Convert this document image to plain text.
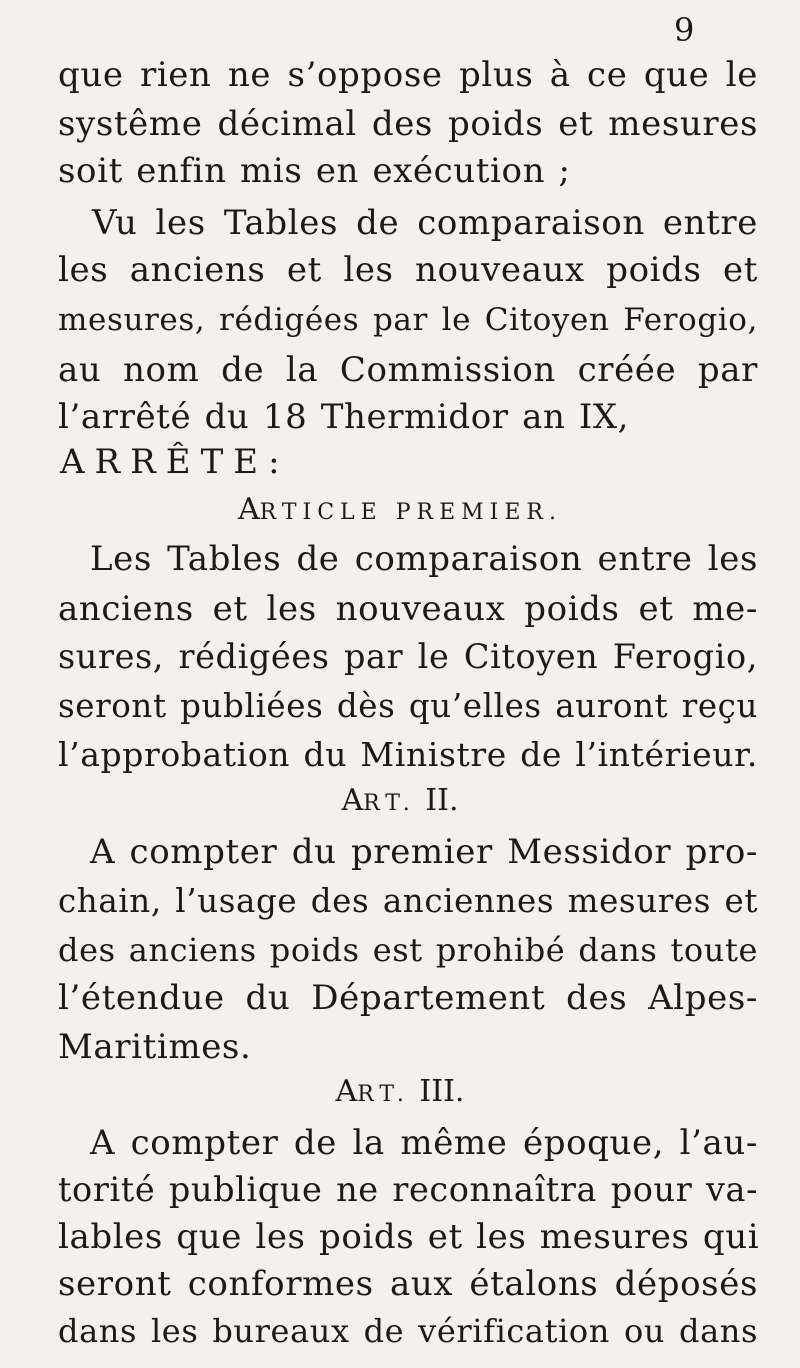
9
que rien ne s’oppose plus à ce que le
systême décimal des poids et mesures
soit enfin mis en exécution ;
Vu les Tables de comparaison entre
les anciens et les nouveaux poids et
mesures, rédigées par le Citoyen Ferogio,
au nom de la Commission créée par
l’arrêté du 18 Thermidor an IX,
ARRÊTE:
ARTICLE PREMIER.
Les Tables de comparaison entre les
anciens et les nouveaux poids et me-
sures, rédigées par le Citoyen Ferogio,
seront publiées dès qu’elles auront reçu
l’approbation du Ministre de l’intérieur.
ART. II.
A compter du premier Messidor pro-
chain, l’usage des anciennes mesures et
des anciens poids est prohibé dans toute
l’étendue du Département des Alpes-
Maritimes.
ART. III.
A compter de la même époque, l’au-
torité publique ne reconnaîtra pour va-
lables que les poids et les mesures qui
seront conformes aux étalons déposés
dans les bureaux de vérification ou dans
